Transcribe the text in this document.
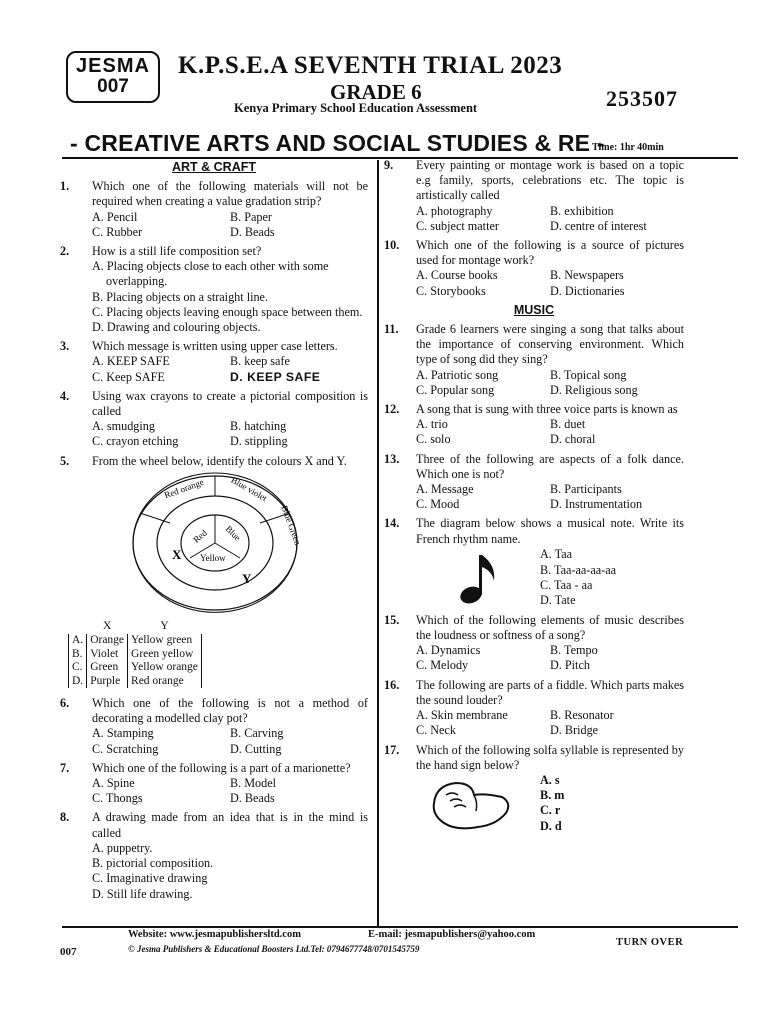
JESMA
007
K.P.S.E.A SEVENTH TRIAL 2023
GRADE 6
Kenya Primary School Education Assessment	253507
- CREATIVE ARTS AND SOCIAL STUDIES & RE -
Time: 1hr 40min
ART & CRAFT
1.	Which one of the following materials will not be required when creating a value gradation strip?
A. Pencil	B. Paper
C. Rubber	D. Beads
2.	How is a still life composition set?
A. Placing objects close to each other with some overlapping.
B. Placing objects on a straight line.
C. Placing objects leaving enough space between them.
D. Drawing and colouring objects.
3.	Which message is written using upper case letters.
A. KEEP SAFE	B. keep safe
C. Keep SAFE	D. KEEP SAFE
4.	Using wax crayons to create a pictorial composition is called
A. smudging	B. hatching
C. crayon etching	D. stippling
5.	From the wheel below, identify the colours X and Y.
Red orange	Blue violet
Blue Green
Red Blue
Yellow
X
Y
	X	Y
A.	Orange	Yellow green
B.	Violet	Green yellow
C.	Green	Yellow orange
D.	Purple	Red orange
6.	Which one of the following is not a method of decorating a modelled clay pot?
A. Stamping	B. Carving
C. Scratching	D. Cutting
7.	Which one of the following is a part of a marionette?
A. Spine	B. Model
C. Thongs	D. Beads
8.	A drawing made from an idea that is in the mind is called
A. puppetry.
B. pictorial composition.
C. Imaginative drawing
D. Still life drawing.
9.	Every painting or montage work is based on a topic e.g family, sports, celebrations etc. The topic is artistically called
A. photography	B. exhibition
C. subject matter	D. centre of interest
10.	Which one of the following is a source of pictures used for montage work?
A. Course books	B. Newspapers
C. Storybooks	D. Dictionaries
MUSIC
11.	Grade 6 learners were singing a song that talks about the importance of conserving environment. Which type of song did they sing?
A. Patriotic song	B. Topical song
C. Popular song	D. Religious song
12.	A song that is sung with three voice parts is known as
A. trio	B. duet
C. solo	D. choral
13.	Three of the following are aspects of a folk dance. Which one is not?
A. Message	B. Participants
C. Mood	D. Instrumentation
14.	The diagram below shows a musical note. Write its French rhythm name.
A. Taa
B. Taa-aa-aa-aa
C. Taa - aa
D. Tate
15.	Which of the following elements of music describes the loudness or softness of a song?
A. Dynamics	B. Tempo
C. Melody	D. Pitch
16.	The following are parts of a fiddle. Which parts makes the sound louder?
A. Skin membrane	B. Resonator
C. Neck	D. Bridge
17.	Which of the following solfa syllable is represented by the hand sign below?
A. s
B. m
C. r
D. d
Website: www.jesmapublishersltd.com	E-mail: jesmapublishers@yahoo.com
© Jesma Publishers & Educational Boosters Ltd.Tel: 0794677748/0701545759
007
TURN OVER
